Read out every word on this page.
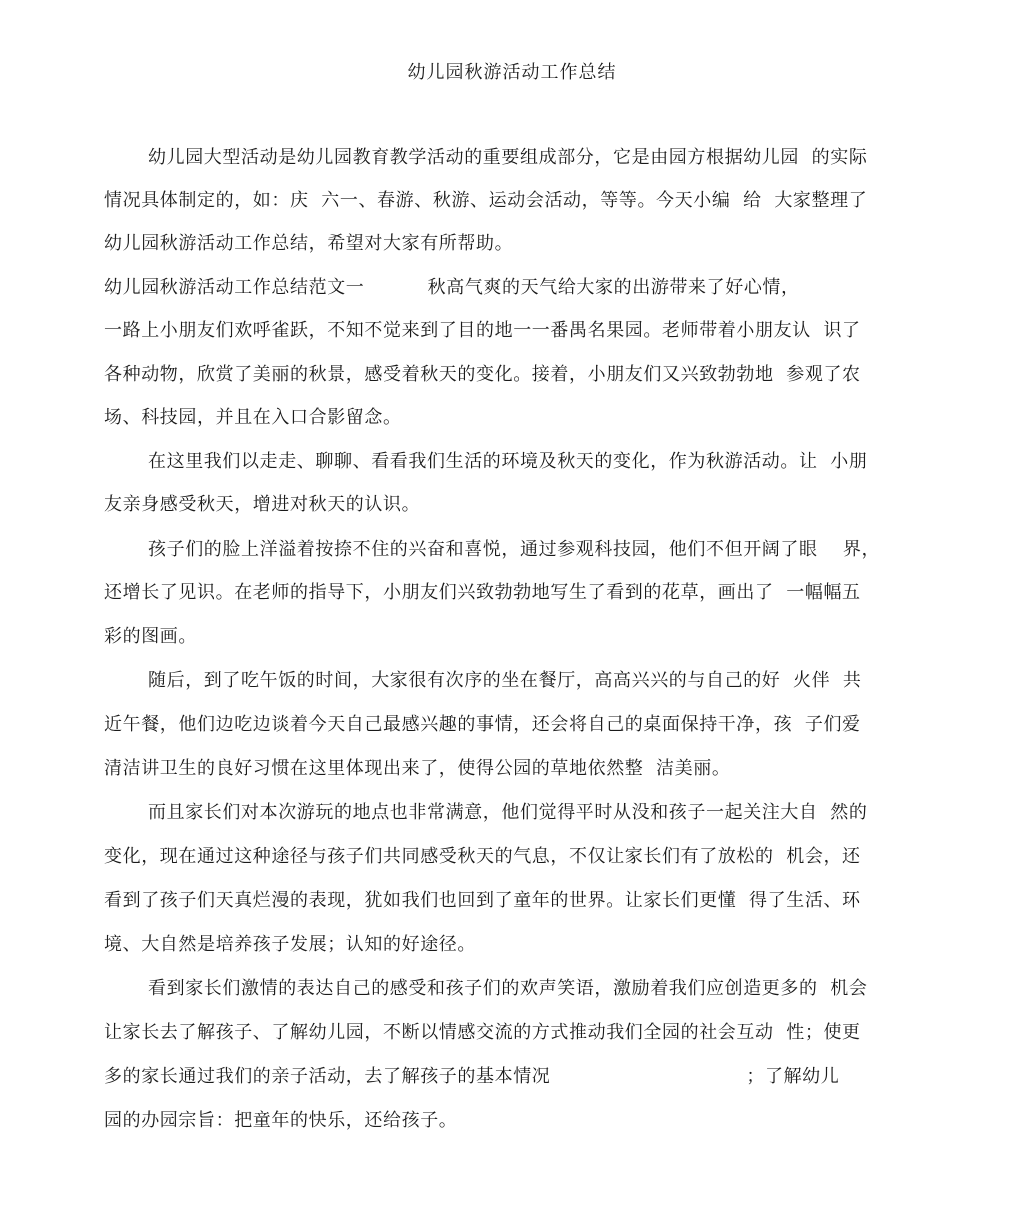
幼儿园秋游活动工作总结
幼儿园大型活动是幼儿园教育教学活动的重要组成部分，它是由园方根据幼儿园  的实际
情况具体制定的，如：庆  六一、春游、秋游、运动会活动，等等。今天小编  给  大家整理了
幼儿园秋游活动工作总结，希望对大家有所帮助。
幼儿园秋游活动工作总结范文一          秋高气爽的天气给大家的出游带来了好心情，
一路上小朋友们欢呼雀跃，不知不觉来到了目的地一一番禺名果园。老师带着小朋友认  识了
各种动物，欣赏了美丽的秋景，感受着秋天的变化。接着，小朋友们又兴致勃勃地  参观了农
场、科技园，并且在入口合影留念。
在这里我们以走走、聊聊、看看我们生活的环境及秋天的变化，作为秋游活动。让  小朋
友亲身感受秋天，增进对秋天的认识。
孩子们的脸上洋溢着按捺不住的兴奋和喜悦，通过参观科技园，他们不但开阔了眼    界，
还增长了见识。在老师的指导下，小朋友们兴致勃勃地写生了看到的花草，画出了  一幅幅五
彩的图画。
随后，到了吃午饭的时间，大家很有次序的坐在餐厅，高高兴兴的与自己的好  火伴  共
近午餐，他们边吃边谈着今天自己最感兴趣的事情，还会将自己的桌面保持干净，孩  子们爱
清洁讲卫生的良好习惯在这里体现出来了，使得公园的草地依然整  洁美丽。
而且家长们对本次游玩的地点也非常满意，他们觉得平时从没和孩子一起关注大自  然的
变化，现在通过这种途径与孩子们共同感受秋天的气息，不仅让家长们有了放松的  机会，还
看到了孩子们天真烂漫的表现，犹如我们也回到了童年的世界。让家长们更懂  得了生活、环
境、大自然是培养孩子发展；认知的好途径。
看到家长们激情的表达自己的感受和孩子们的欢声笑语，激励着我们应创造更多的  机会
让家长去了解孩子、了解幼儿园，不断以情感交流的方式推动我们全园的社会互动  性；使更
多的家长通过我们的亲子活动，去了解孩子的基本情况                               ；了解幼儿
园的办园宗旨：把童年的快乐，还给孩子。
